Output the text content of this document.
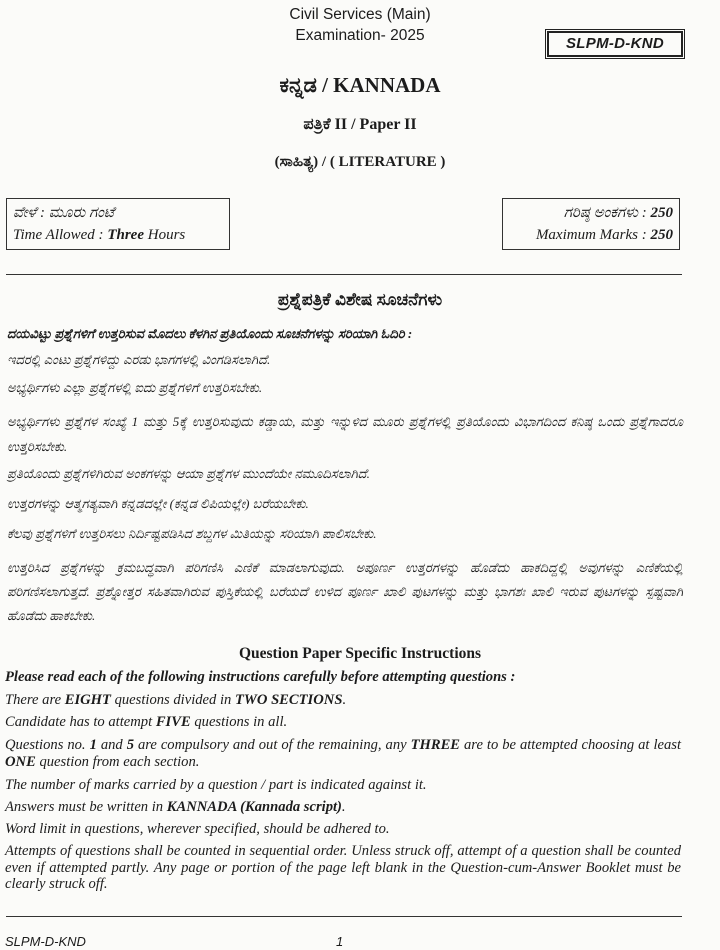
Civil Services (Main)
Examination- 2025	SLPM-D-KND
ಕನ್ನಡ / KANNADA
ಪತ್ರಿಕೆ II / Paper II
(ಸಾಹಿತ್ಯ) / ( LITERATURE )
ವೇಳೆ : ಮೂರು ಗಂಟೆ
Time Allowed : Three Hours
ಗರಿಷ್ಠ ಅಂಕಗಳು : 250
Maximum Marks : 250
ಪ್ರಶ್ನೆಪತ್ರಿಕೆ ವಿಶೇಷ ಸೂಚನೆಗಳು
ದಯವಿಟ್ಟು ಪ್ರಶ್ನೆಗಳಿಗೆ ಉತ್ತರಿಸುವ ಮೊದಲು ಕೆಳಗಿನ ಪ್ರತಿಯೊಂದು ಸೂಚನೆಗಳನ್ನು ಸರಿಯಾಗಿ ಓದಿರಿ :
ಇದರಲ್ಲಿ ಎಂಟು ಪ್ರಶ್ನೆಗಳಿದ್ದು ಎರಡು ಭಾಗಗಳಲ್ಲಿ ವಿಂಗಡಿಸಲಾಗಿದೆ.
ಅಭ್ಯರ್ಥಿಗಳು ಎಲ್ಲಾ ಪ್ರಶ್ನೆಗಳಲ್ಲಿ ಐದು ಪ್ರಶ್ನೆಗಳಿಗೆ ಉತ್ತರಿಸಬೇಕು.
ಅಭ್ಯರ್ಥಿಗಳು ಪ್ರಶ್ನೆಗಳ ಸಂಖ್ಯೆ 1 ಮತ್ತು 5ಕ್ಕೆ ಉತ್ತರಿಸುವುದು ಕಡ್ಡಾಯ, ಮತ್ತು ಇನ್ನುಳಿದ ಮೂರು ಪ್ರಶ್ನೆಗಳಲ್ಲಿ ಪ್ರತಿಯೊಂದು ವಿಭಾಗದಿಂದ ಕನಿಷ್ಠ ಒಂದು ಪ್ರಶ್ನೆಗಾದರೂ ಉತ್ತರಿಸಬೇಕು.
ಪ್ರತಿಯೊಂದು ಪ್ರಶ್ನೆಗಳಿಗಿರುವ ಅಂಕಗಳನ್ನು ಆಯಾ ಪ್ರಶ್ನೆಗಳ ಮುಂದೆಯೇ ನಮೂದಿಸಲಾಗಿದೆ.
ಉತ್ತರಗಳನ್ನು ಆತ್ಮಗತ್ಯವಾಗಿ ಕನ್ನಡದಲ್ಲೇ (ಕನ್ನಡ ಲಿಪಿಯಲ್ಲೇ) ಬರೆಯಬೇಕು.
ಕೆಲವು ಪ್ರಶ್ನೆಗಳಿಗೆ ಉತ್ತರಿಸಲು ನಿರ್ದಿಷ್ಟಪಡಿಸಿದ ಶಬ್ದಗಳ ಮಿತಿಯನ್ನು ಸರಿಯಾಗಿ ಪಾಲಿಸಬೇಕು.
ಉತ್ತರಿಸಿದ ಪ್ರಶ್ನೆಗಳನ್ನು ಕ್ರಮಬದ್ಧವಾಗಿ ಪರಿಗಣಿಸಿ ಎಣಿಕೆ ಮಾಡಲಾಗುವುದು. ಅಪೂರ್ಣ ಉತ್ತರಗಳನ್ನು ಹೊಡೆದು ಹಾಕದಿದ್ದಲ್ಲಿ ಅವುಗಳನ್ನು ಎಣಿಕೆಯಲ್ಲಿ ಪರಿಗಣಿಸಲಾಗುತ್ತದೆ. ಪ್ರಶ್ನೋತ್ತರ ಸಹಿತವಾಗಿರುವ ಪುಸ್ತಿಕೆಯಲ್ಲಿ ಬರೆಯದೆ ಉಳಿದ ಪೂರ್ಣ ಖಾಲಿ ಪುಟಗಳನ್ನು ಮತ್ತು ಭಾಗಶಃ ಖಾಲಿ ಇರುವ ಪುಟಗಳನ್ನು ಸ್ಪಷ್ಟವಾಗಿ ಹೊಡೆದು ಹಾಕಬೇಕು.
Question Paper Specific Instructions
Please read each of the following instructions carefully before attempting questions :
There are EIGHT questions divided in TWO SECTIONS.
Candidate has to attempt FIVE questions in all.
Questions no. 1 and 5 are compulsory and out of the remaining, any THREE are to be attempted choosing at least ONE question from each section.
The number of marks carried by a question / part is indicated against it.
Answers must be written in KANNADA (Kannada script).
Word limit in questions, wherever specified, should be adhered to.
Attempts of questions shall be counted in sequential order. Unless struck off, attempt of a question shall be counted even if attempted partly. Any page or portion of the page left blank in the Question-cum-Answer Booklet must be clearly struck off.
SLPM-D-KND	1
